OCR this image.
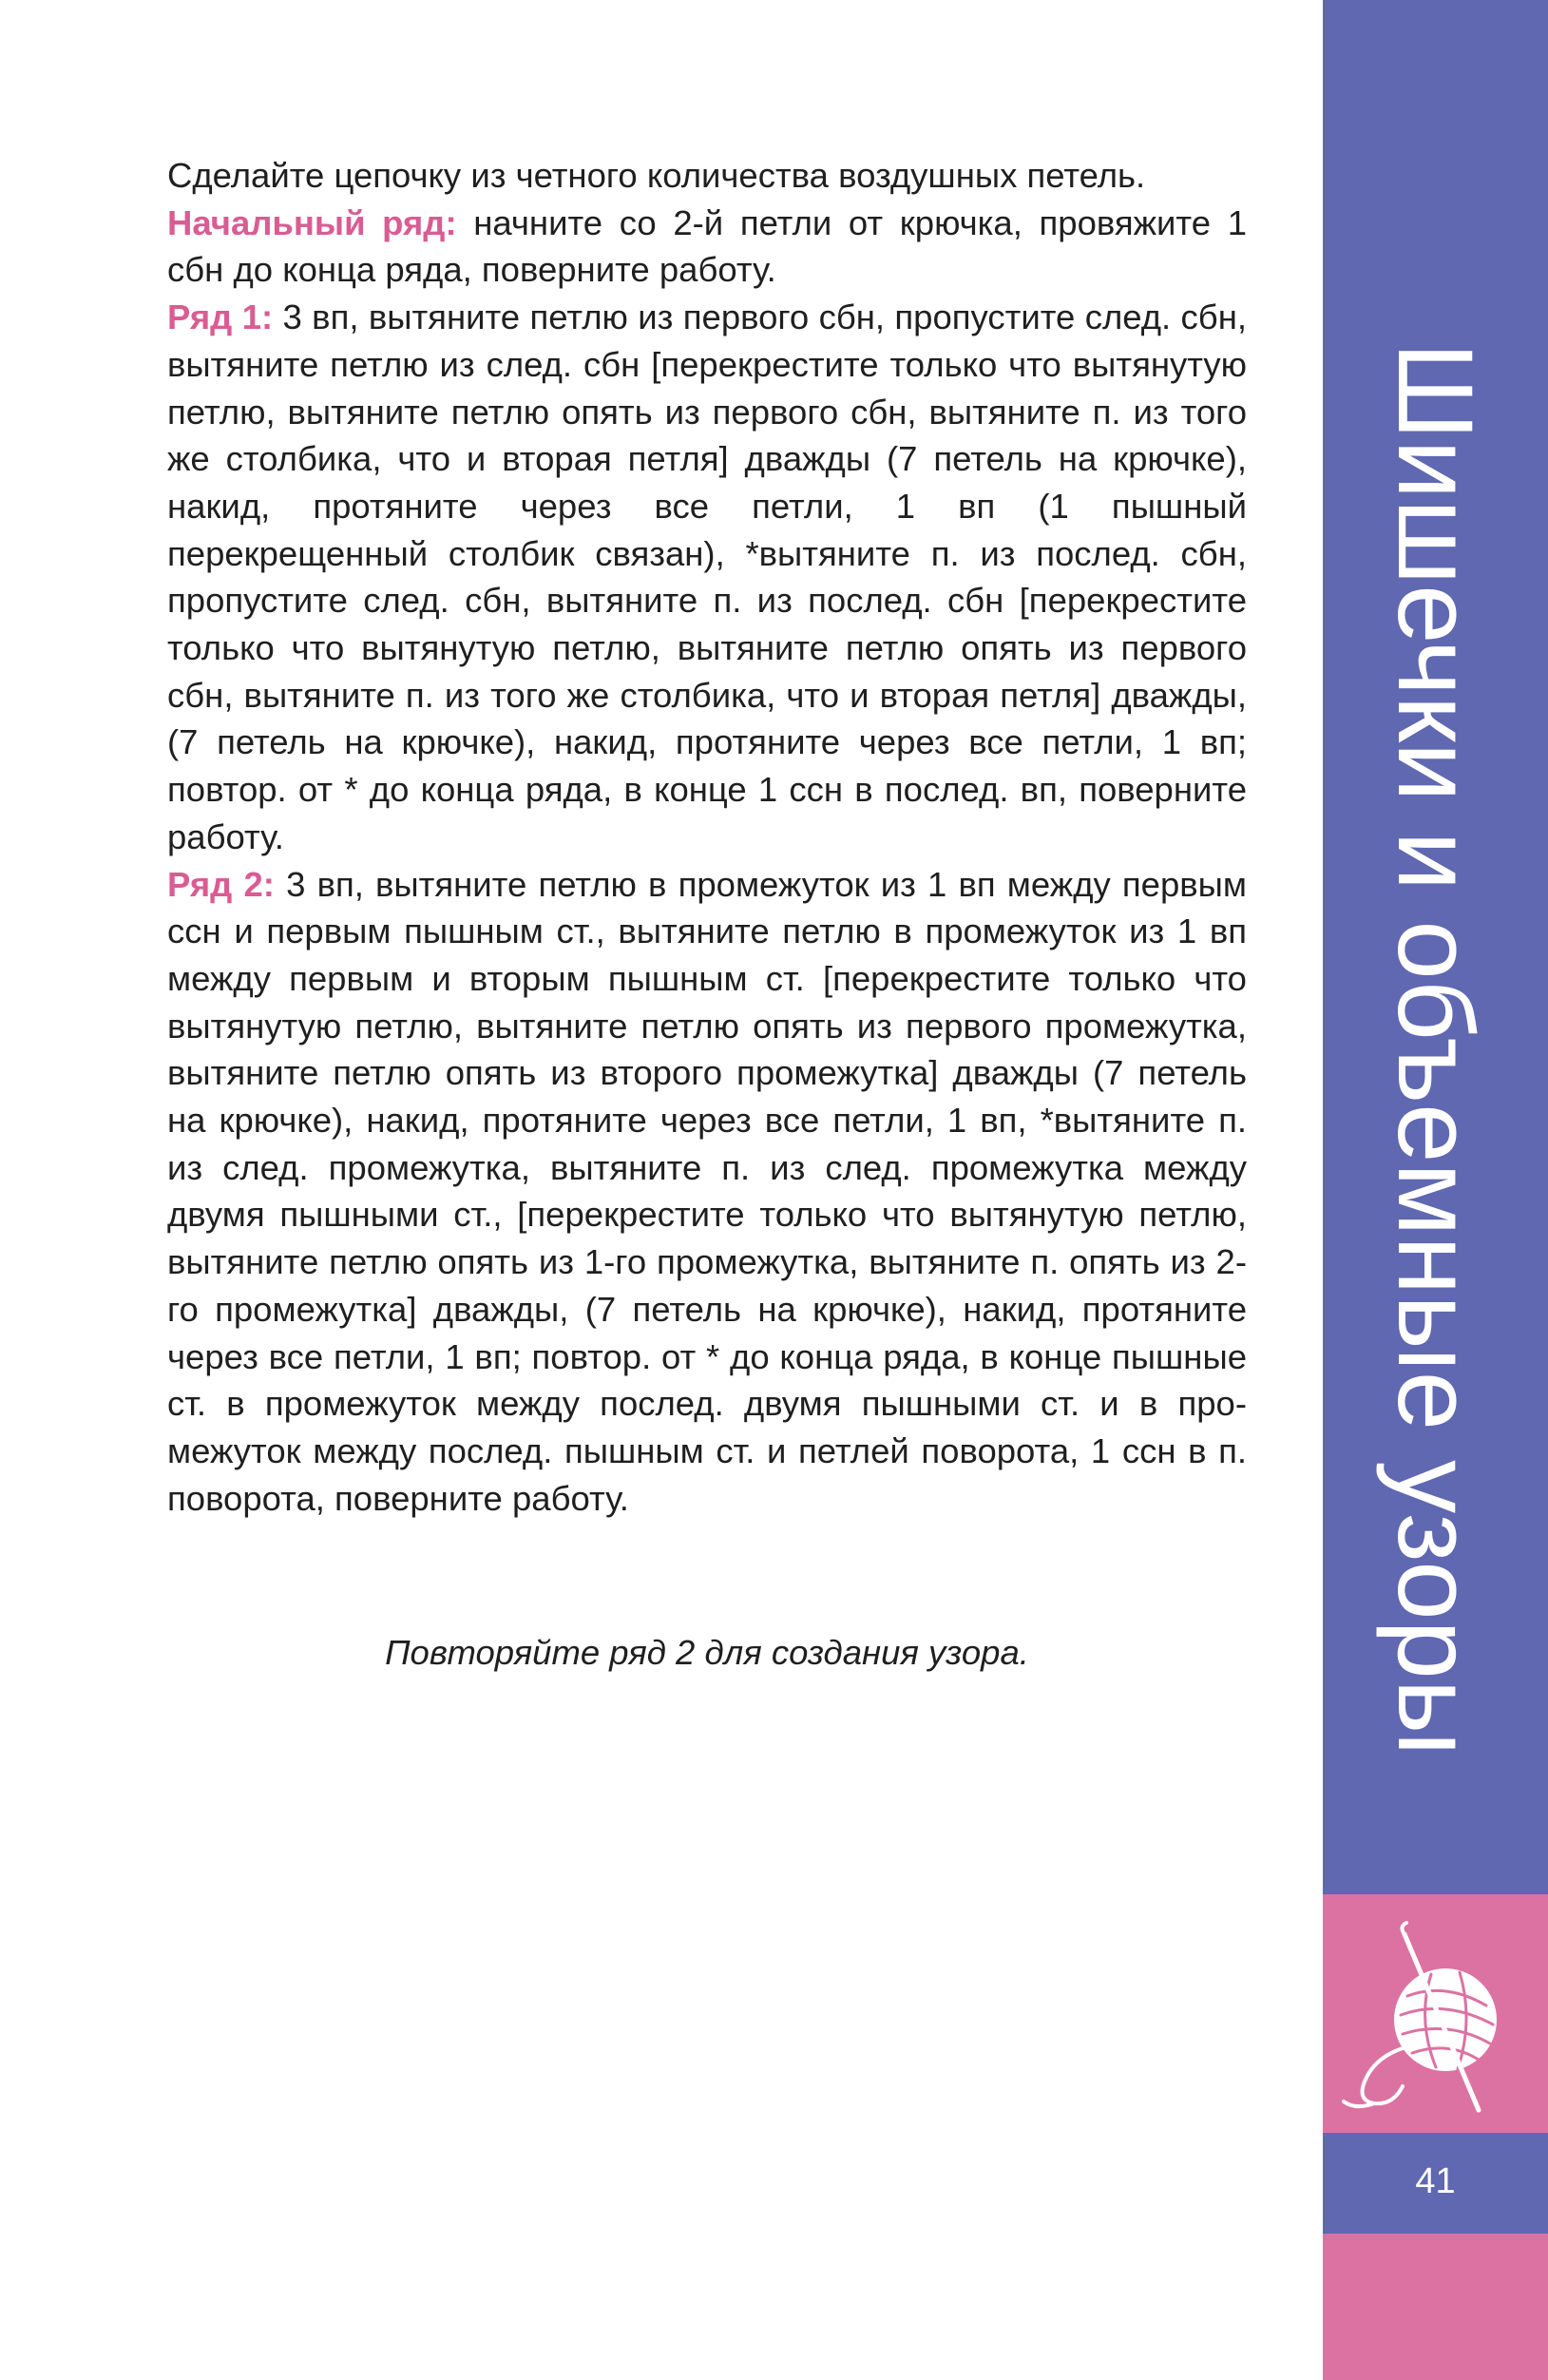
Сделайте цепочку из четного количества воздушных петель.

Начальный ряд: начните со 2-й петли от крючка, провяжите 1 сбн до конца ряда, поверните работу.

Ряд 1: 3 вп, вытяните петлю из первого сбн, пропустите след. сбн, вытяните петлю из след. сбн [перекрестите только что вытянутую петлю, вытяните петлю опять из первого сбн, вытяните п. из того же столбика, что и вторая петля] дважды (7 петель на крючке), накид, протяните через все петли, 1 вп (1 пышный перекрещенный столбик связан), *вытяните п. из послед. сбн, пропустите след. сбн, вытяните п. из послед. сбн [перекрестите только что вытянутую петлю, вытяните петлю опять из первого сбн, вытяните п. из того же столбика, что и вторая петля] дважды, (7 петель на крючке), накид, протяните через все петли, 1 вп; повтор. от * до конца ряда, в конце 1 ссн в послед. вп, поверните работу.

Ряд 2: 3 вп, вытяните петлю в промежуток из 1 вп между первым ссн и первым пышным ст., вытяните петлю в промежуток из 1 вп между первым и вторым пышным ст. [перекрестите только что вытянутую петлю, вытяните петлю опять из первого промежутка, вытяните петлю опять из второго промежутка] дважды (7 петель на крючке), накид, протяните через все петли, 1 вп, *вытяните п. из след. промежутка, вытяните п. из след. промежутка между двумя пышными ст., [перекрестите только что вытянутую петлю, вытяните петлю опять из 1-го промежутка, вытяните п. опять из 2-го промежутка] дважды, (7 петель на крючке), накид, протяните через все петли, 1 вп; повтор. от * до конца ряда, в конце пышные ст. в промежуток между послед. двумя пышными ст. и в промежуток между послед. пышным ст. и петлей поворота, 1 ссн в п. поворота, поверните работу.

Повторяйте ряд 2 для создания узора.	Шишечки и объемные узоры
41
